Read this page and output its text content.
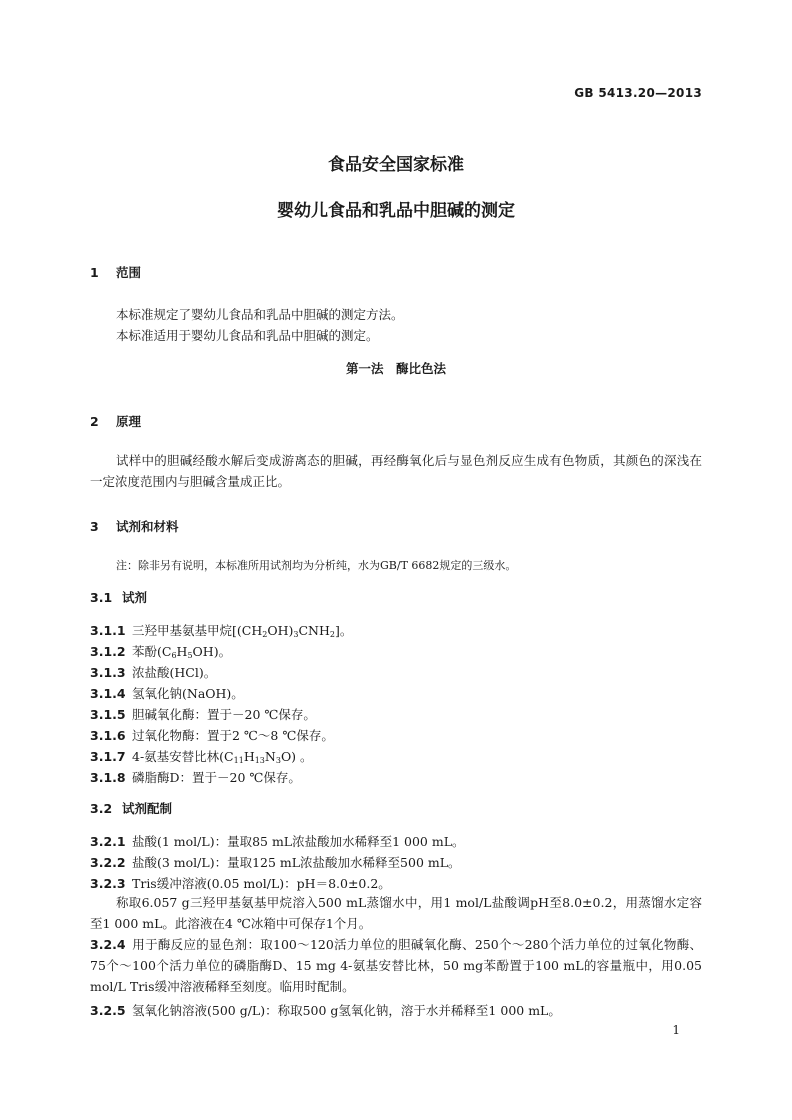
GB 5413.20—2013
食品安全国家标准
婴幼儿食品和乳品中胆碱的测定
1 范围
本标准规定了婴幼儿食品和乳品中胆碱的测定方法。
本标准适用于婴幼儿食品和乳品中胆碱的测定。
第一法　酶比色法
2 原理
试样中的胆碱经酸水解后变成游离态的胆碱，再经酶氧化后与显色剂反应生成有色物质，其颜色的深浅在一定浓度范围内与胆碱含量成正比。
3 试剂和材料
注：除非另有说明，本标准所用试剂均为分析纯，水为GB/T 6682规定的三级水。
3.1 试剂
3.1.1 三羟甲基氨基甲烷$[(CH_2OH)_3CNH_2]$。
3.1.2 苯酚$(C_6H_5OH)$。
3.1.3 浓盐酸(HCl)。
3.1.4 氢氧化钠(NaOH)。
3.1.5 胆碱氧化酶：置于－20 ℃保存。
3.1.6 过氧化物酶：置于2 ℃～8 ℃保存。
3.1.7 4-氨基安替比林$(C_{11}H_{13}N_3O)$ 。
3.1.8 磷脂酶D：置于－20 ℃保存。
3.2 试剂配制
3.2.1 盐酸(1 mol/L)：量取85 mL浓盐酸加水稀释至1 000 mL。
3.2.2 盐酸(3 mol/L)：量取125 mL浓盐酸加水稀释至500 mL。
3.2.3 Tris缓冲溶液(0.05 mol/L)：pH＝8.0±0.2。
称取6.057 g三羟甲基氨基甲烷溶入500 mL蒸馏水中，用1 mol/L盐酸调pH至8.0±0.2，用蒸馏水定容至1 000 mL。此溶液在4 ℃冰箱中可保存1个月。
3.2.4 用于酶反应的显色剂：取100～120活力单位的胆碱氧化酶、250个～280个活力单位的过氧化物酶、75个～100个活力单位的磷脂酶D、15 mg 4-氨基安替比林，50 mg苯酚置于100 mL的容量瓶中，用0.05 mol/L Tris缓冲溶液稀释至刻度。临用时配制。
3.2.5 氢氧化钠溶液(500 g/L)：称取500 g氢氧化钠，溶于水并稀释至1 000 mL。
1
